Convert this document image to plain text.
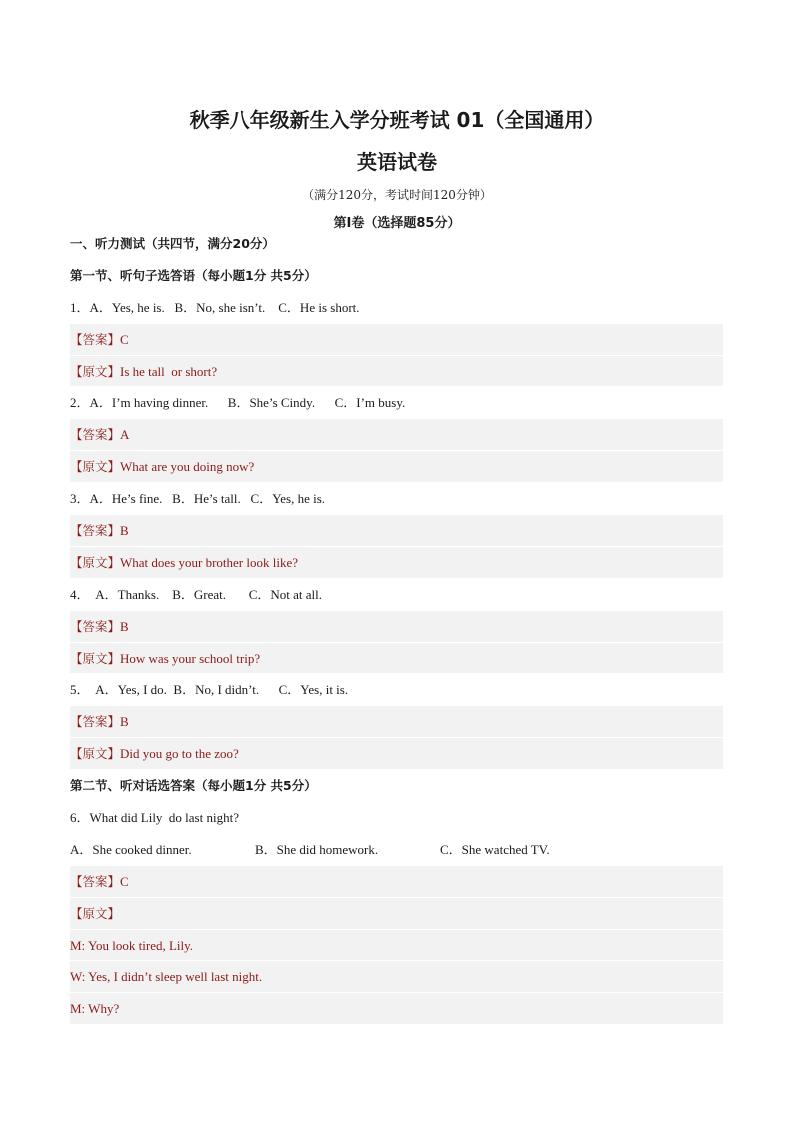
秋季八年级新生入学分班考试 01（全国通用）
英语试卷
（满分120分，考试时间120分钟）
第Ⅰ卷（选择题85分）
一、听力测试（共四节，满分20分）
第一节、听句子选答语（每小题1分 共5分）
1．A．Yes, he is.   B．No, she isn’t.    C．He is short.
【答案】C
【原文】Is he tall  or short?
2．A．I’m having dinner.      B．She’s Cindy.      C．I’m busy.
【答案】A
【原文】What are you doing now?
3．A．He’s fine.   B．He’s tall.   C．Yes, he is.
【答案】B
【原文】What does your brother look like?
4．  A．Thanks.    B．Great.       C．Not at all.
【答案】B
【原文】How was your school trip?
5．  A．Yes, I do.  B．No, I didn’t.      C．Yes, it is.
【答案】B
【原文】Did you go to the zoo?
第二节、听对话选答案（每小题1分 共5分）
6．What did Lily  do last night?
A．She cooked dinner.	B．She did homework.	C．She watched TV.
【答案】C
【原文】
M: You look tired, Lily.
W: Yes, I didn’t sleep well last night.
M: Why?
